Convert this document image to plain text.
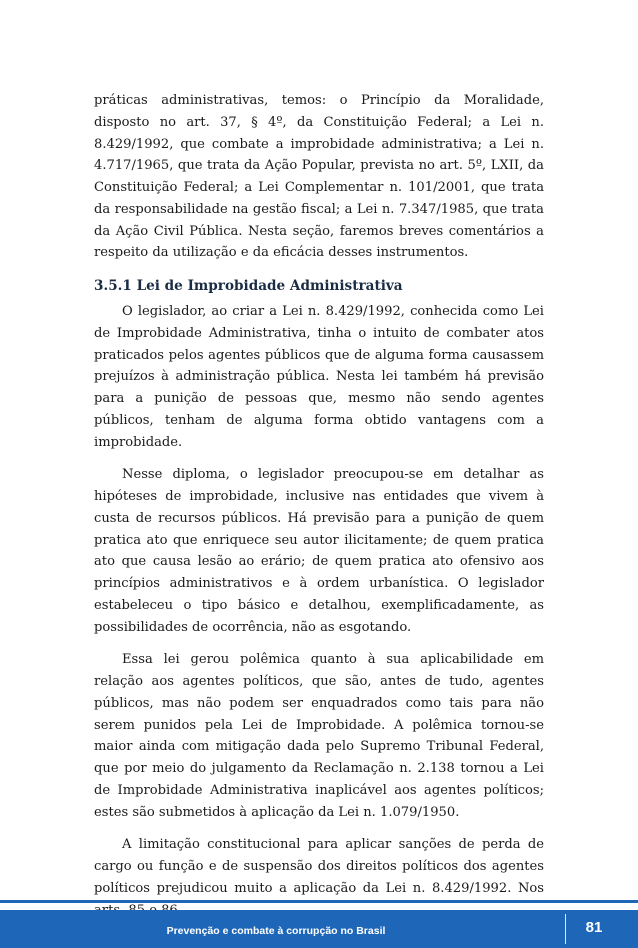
práticas administrativas, temos: o Princípio da Moralidade, disposto no art. 37, § 4º, da Constituição Federal; a Lei n. 8.429/1992, que combate a improbidade administrativa; a Lei n. 4.717/1965, que trata da Ação Popular, prevista no art. 5º, LXII, da Constituição Federal; a Lei Complementar n. 101/2001, que trata da responsabilidade na gestão fiscal; a Lei n. 7.347/1985, que trata da Ação Civil Pública. Nesta seção, faremos breves comentários a respeito da utilização e da eficácia desses instrumentos.

3.5.1 Lei de Improbidade Administrativa

O legislador, ao criar a Lei n. 8.429/1992, conhecida como Lei de Improbidade Administrativa, tinha o intuito de combater atos praticados pelos agentes públicos que de alguma forma causassem prejuízos à administração pública. Nesta lei também há previsão para a punição de pessoas que, mesmo não sendo agentes públicos, tenham de alguma forma obtido vantagens com a improbidade.

Nesse diploma, o legislador preocupou-se em detalhar as hipóteses de improbidade, inclusive nas entidades que vivem à custa de recursos públicos. Há previsão para a punição de quem pratica ato que enriquece seu autor ilicitamente; de quem pratica ato que causa lesão ao erário; de quem pratica ato ofensivo aos princípios administrativos e à ordem urbanística. O legislador estabeleceu o tipo básico e detalhou, exemplificadamente, as possibilidades de ocorrência, não as esgotando.

Essa lei gerou polêmica quanto à sua aplicabilidade em relação aos agentes políticos, que são, antes de tudo, agentes públicos, mas não podem ser enquadrados como tais para não serem punidos pela Lei de Improbidade. A polêmica tornou-se maior ainda com mitigação dada pelo Supremo Tribunal Federal, que por meio do julgamento da Reclamação n. 2.138 tornou a Lei de Improbidade Administrativa inaplicável aos agentes políticos; estes são submetidos à aplicação da Lei n. 1.079/1950.

A limitação constitucional para aplicar sanções de perda de cargo ou função e de suspensão dos direitos políticos dos agentes políticos prejudicou muito a aplicação da Lei n. 8.429/1992. Nos

Prevenção e combate à corrupção no Brasil	81
